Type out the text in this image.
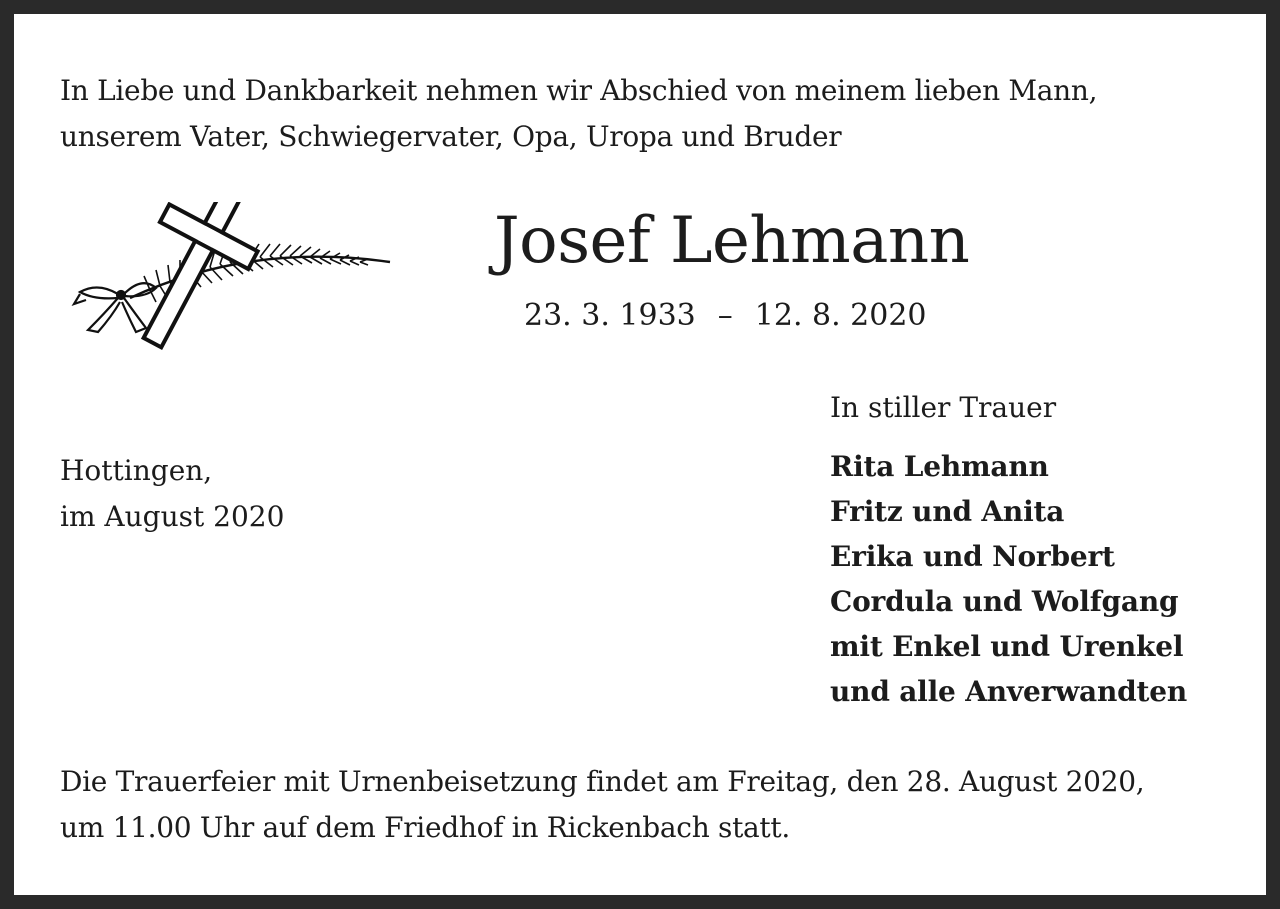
In Liebe und Dankbarkeit nehmen wir Abschied von meinem lieben Mann,

unserem Vater, Schwiegervater, Opa, Uropa und Bruder

Josef Lehmann
23. 3. 1933 – 12. 8. 2020

Hottingen,

im August 2020

In stiller Trauer

Rita Lehmann

Fritz und Anita

Erika und Norbert

Cordula und Wolfgang

mit Enkel und Urenkel

und alle Anverwandten

Die Trauerfeier mit Urnenbeisetzung findet am Freitag, den 28. August 2020,

um 11.00 Uhr auf dem Friedhof in Rickenbach statt.
